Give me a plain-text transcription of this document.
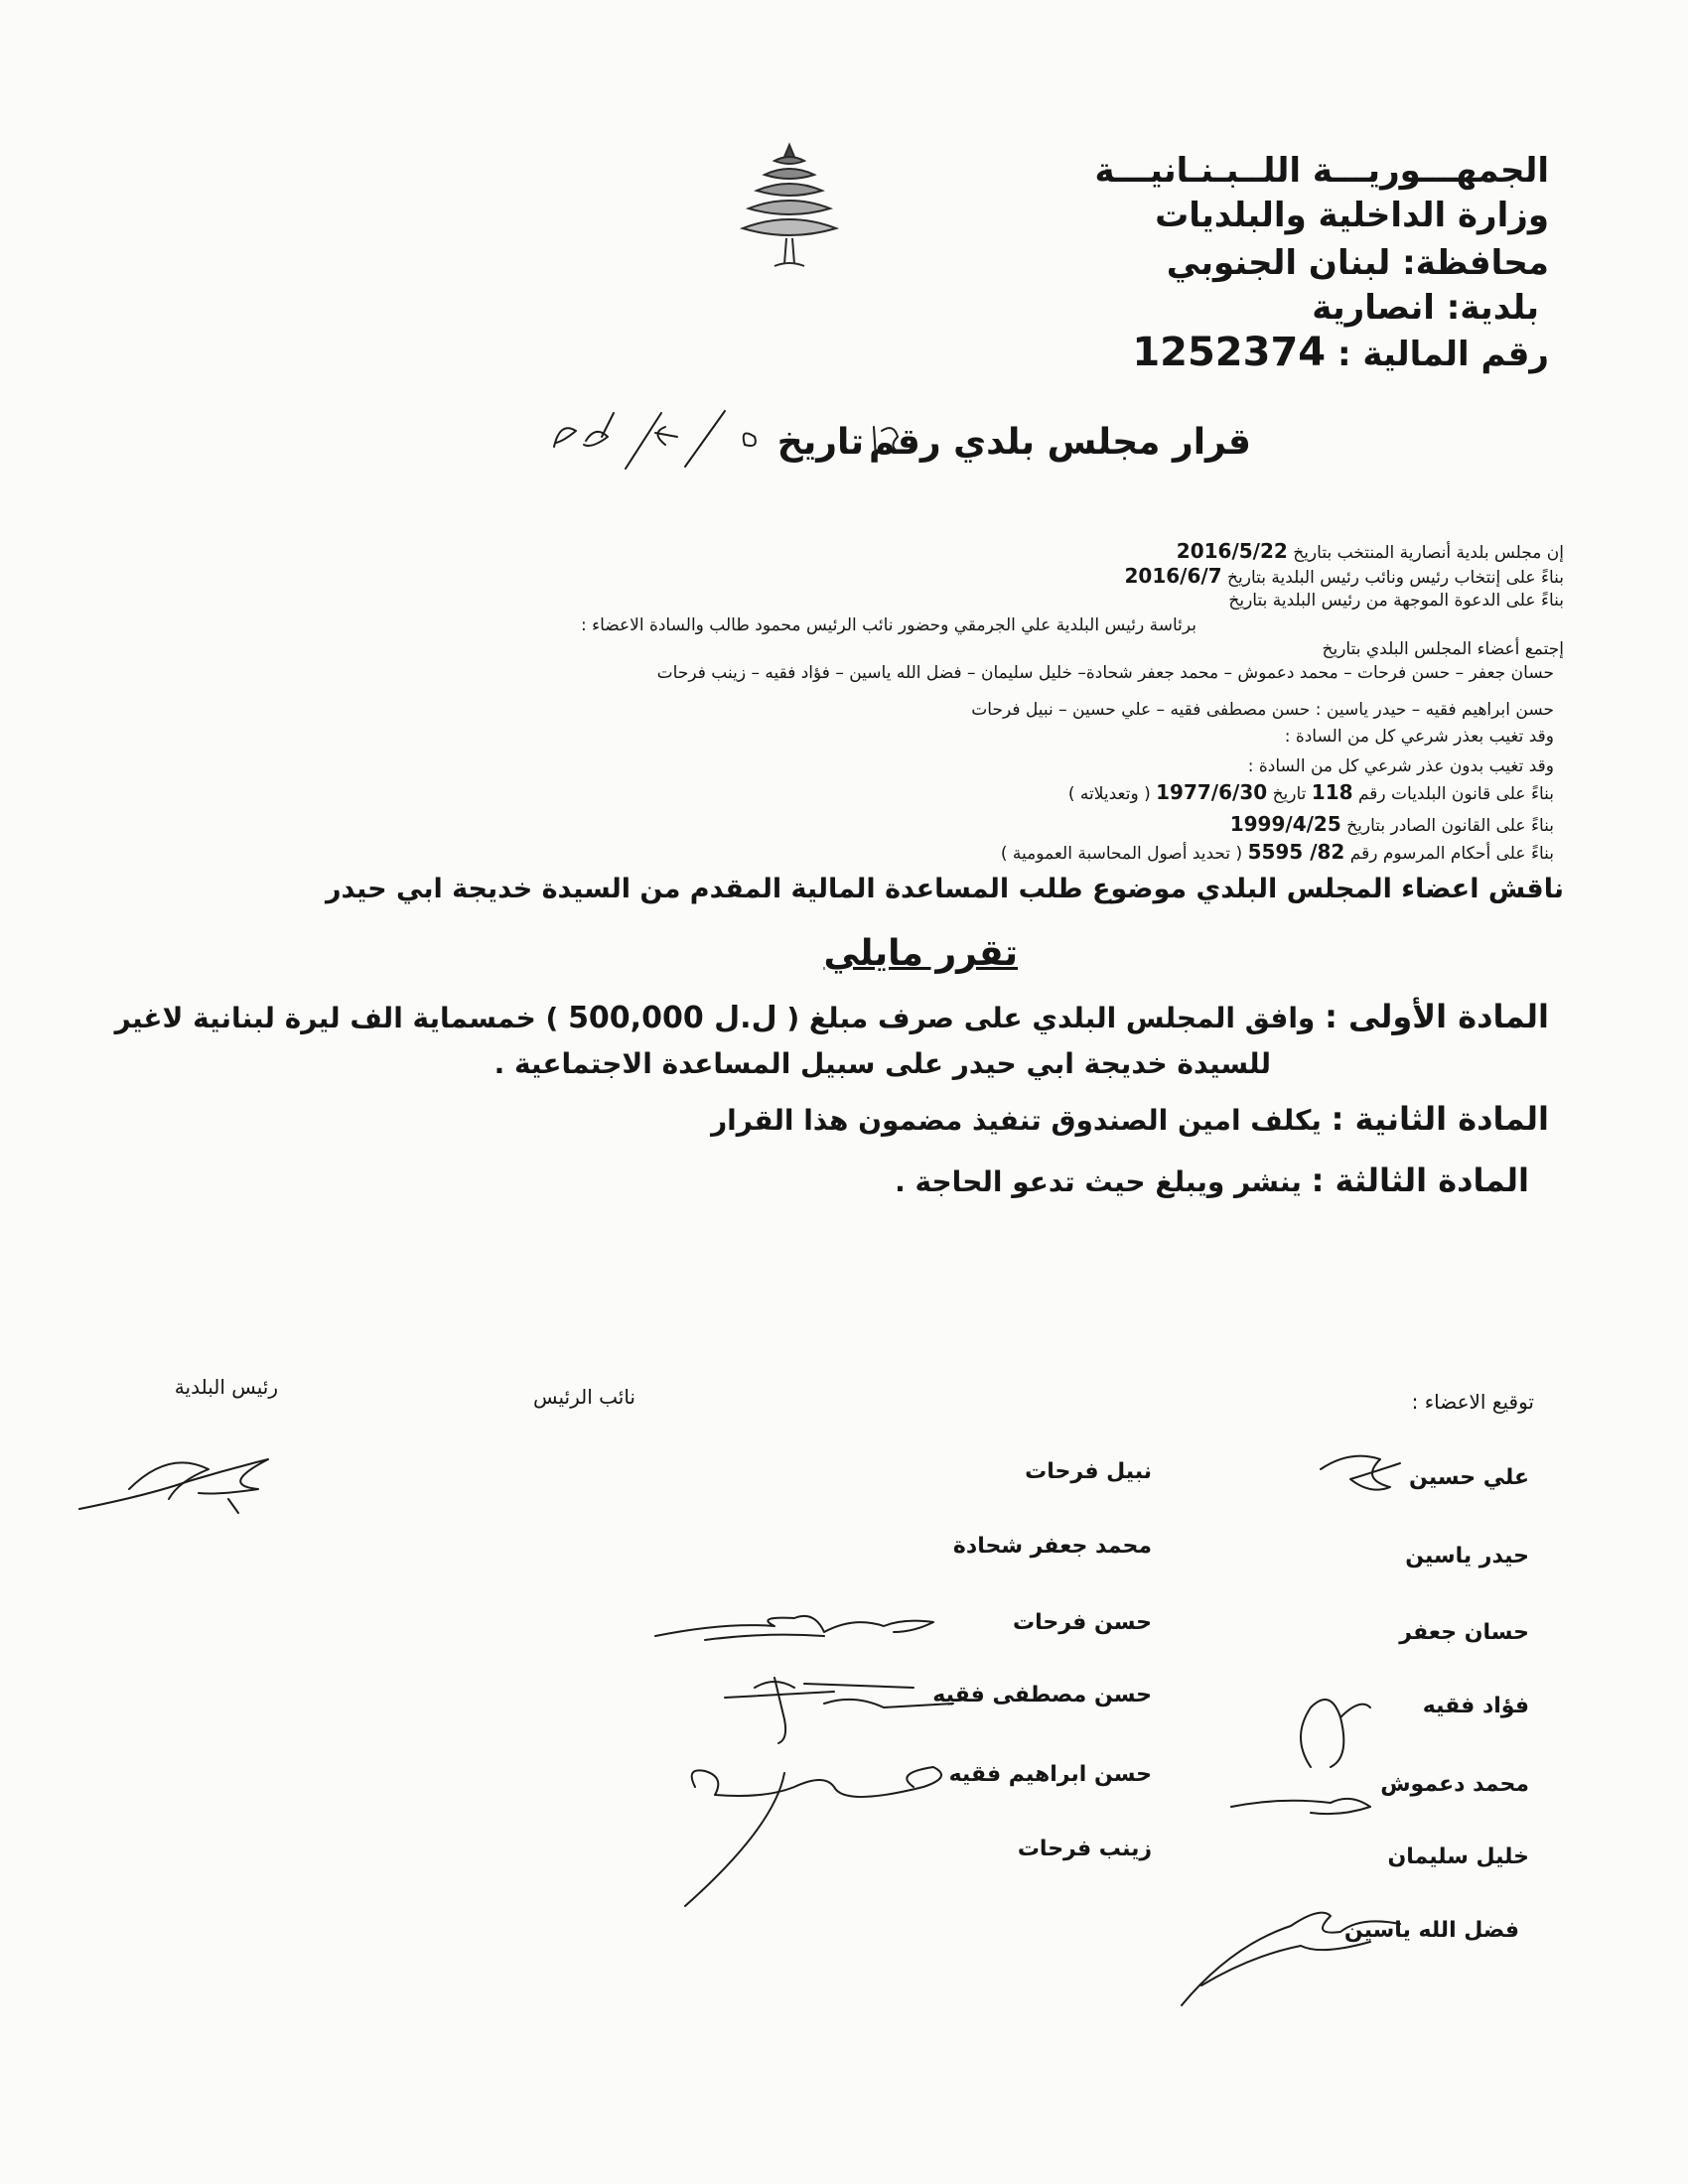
الجمهـــوريـــة اللــبـنـانيـــة
وزارة الداخلية والبلديات
محافظة: لبنان الجنوبي
بلدية: انصارية
رقم المالية : 1252374
قرار مجلس بلدي رقم
تاريخ
إن مجلس بلدية أنصارية المنتخب بتاريخ 2016/5/22
بناءً على إنتخاب رئيس ونائب رئيس البلدية بتاريخ 2016/6/7
بناءً على الدعوة الموجهة من رئيس البلدية بتاريخ
برئاسة رئيس البلدية علي الجرمقي وحضور نائب الرئيس محمود طالب والسادة الاعضاء :
إجتمع أعضاء المجلس البلدي بتاريخ
حسان جعفر – حسن فرحات – محمد دعموش – محمد جعفر شحادة– خليل سليمان – فضل الله ياسين – فؤاد فقيه – زينب فرحات
حسن ابراهيم فقيه – حيدر ياسين : حسن مصطفى فقيه – علي حسين – نبيل فرحات
وقد تغيب بعذر شرعي كل من السادة :
وقد تغيب بدون عذر شرعي كل من السادة :
بناءً على قانون البلديات رقم 118 تاريخ 1977/6/30 ( وتعديلاته )
بناءً على القانون الصادر بتاريخ 1999/4/25
بناءً على أحكام المرسوم رقم 82/ 5595 ( تحديد أصول المحاسبة العمومية )
ناقش اعضاء المجلس البلدي موضوع طلب المساعدة المالية المقدم من السيدة خديجة ابي حيدر
تقرر مايلي
المادة الأولى : وافق المجلس البلدي على صرف مبلغ ( 500,000 ل.ل ) خمسماية الف ليرة لبنانية لاغير
للسيدة خديجة ابي حيدر على سبيل المساعدة الاجتماعية .
المادة الثانية : يكلف امين الصندوق تنفيذ مضمون هذا القرار
المادة الثالثة : ينشر ويبلغ حيث تدعو الحاجة .
رئيس البلدية	نائب الرئيس	توقيع الاعضاء :
علي حسين
حيدر ياسين
حسان جعفر
فؤاد فقيه
محمد دعموش
خليل سليمان
فضل الله ياسين
نبيل فرحات
محمد جعفر شحادة
حسن فرحات
حسن مصطفى فقيه
حسن ابراهيم فقيه
زينب فرحات
